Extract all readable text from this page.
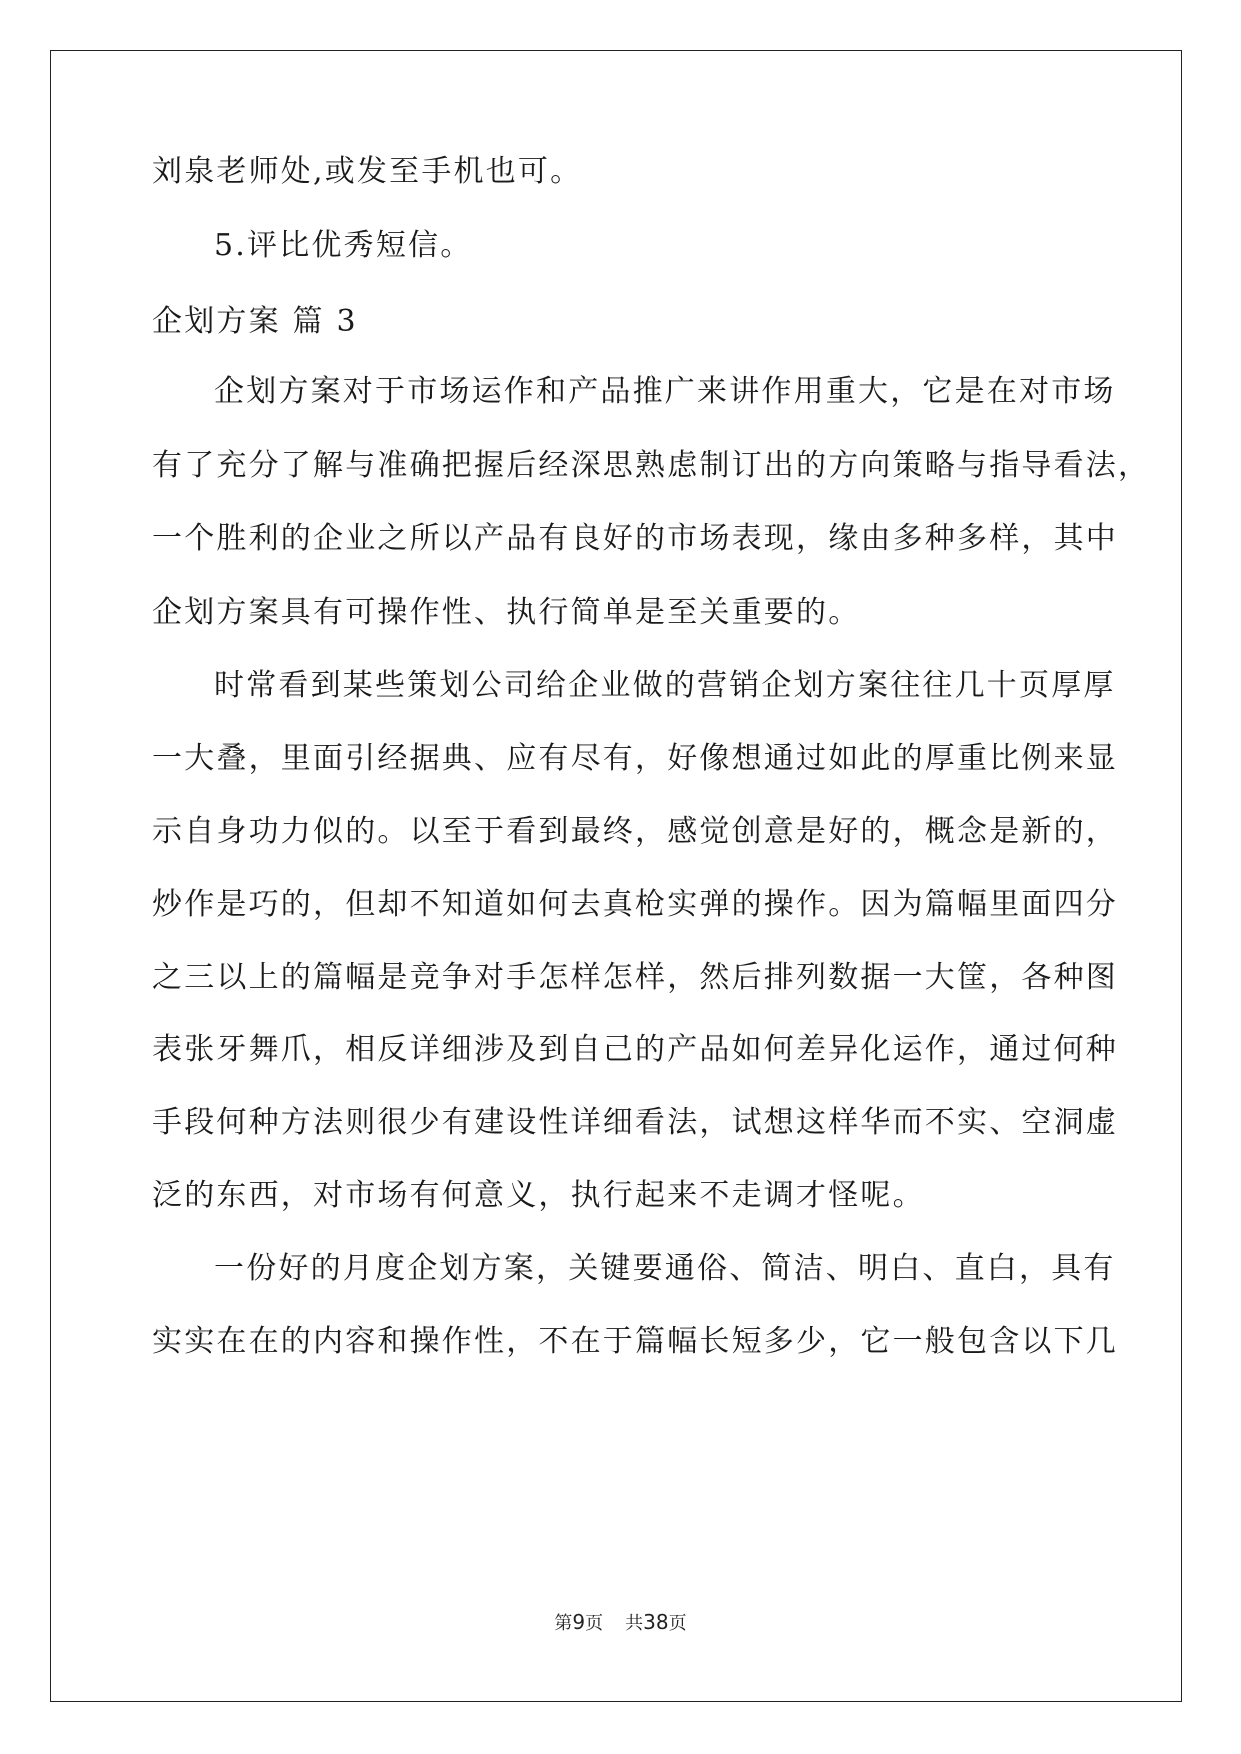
刘泉老师处,或发至手机也可。
5.评比优秀短信。
企划方案 篇 3
企划方案对于市场运作和产品推广来讲作用重大，它是在对市场
有了充分了解与准确把握后经深思熟虑制订出的方向策略与指导看法，
一个胜利的企业之所以产品有良好的市场表现，缘由多种多样，其中
企划方案具有可操作性、执行简单是至关重要的。
时常看到某些策划公司给企业做的营销企划方案往往几十页厚厚
一大叠，里面引经据典、应有尽有，好像想通过如此的厚重比例来显
示自身功力似的。以至于看到最终，感觉创意是好的，概念是新的，
炒作是巧的，但却不知道如何去真枪实弹的操作。因为篇幅里面四分
之三以上的篇幅是竞争对手怎样怎样，然后排列数据一大筐，各种图
表张牙舞爪，相反详细涉及到自己的产品如何差异化运作，通过何种
手段何种方法则很少有建设性详细看法，试想这样华而不实、空洞虚
泛的东西，对市场有何意义，执行起来不走调才怪呢。
一份好的月度企划方案，关键要通俗、简洁、明白、直白，具有
实实在在的内容和操作性，不在于篇幅长短多少，它一般包含以下几
第9页 共38页
